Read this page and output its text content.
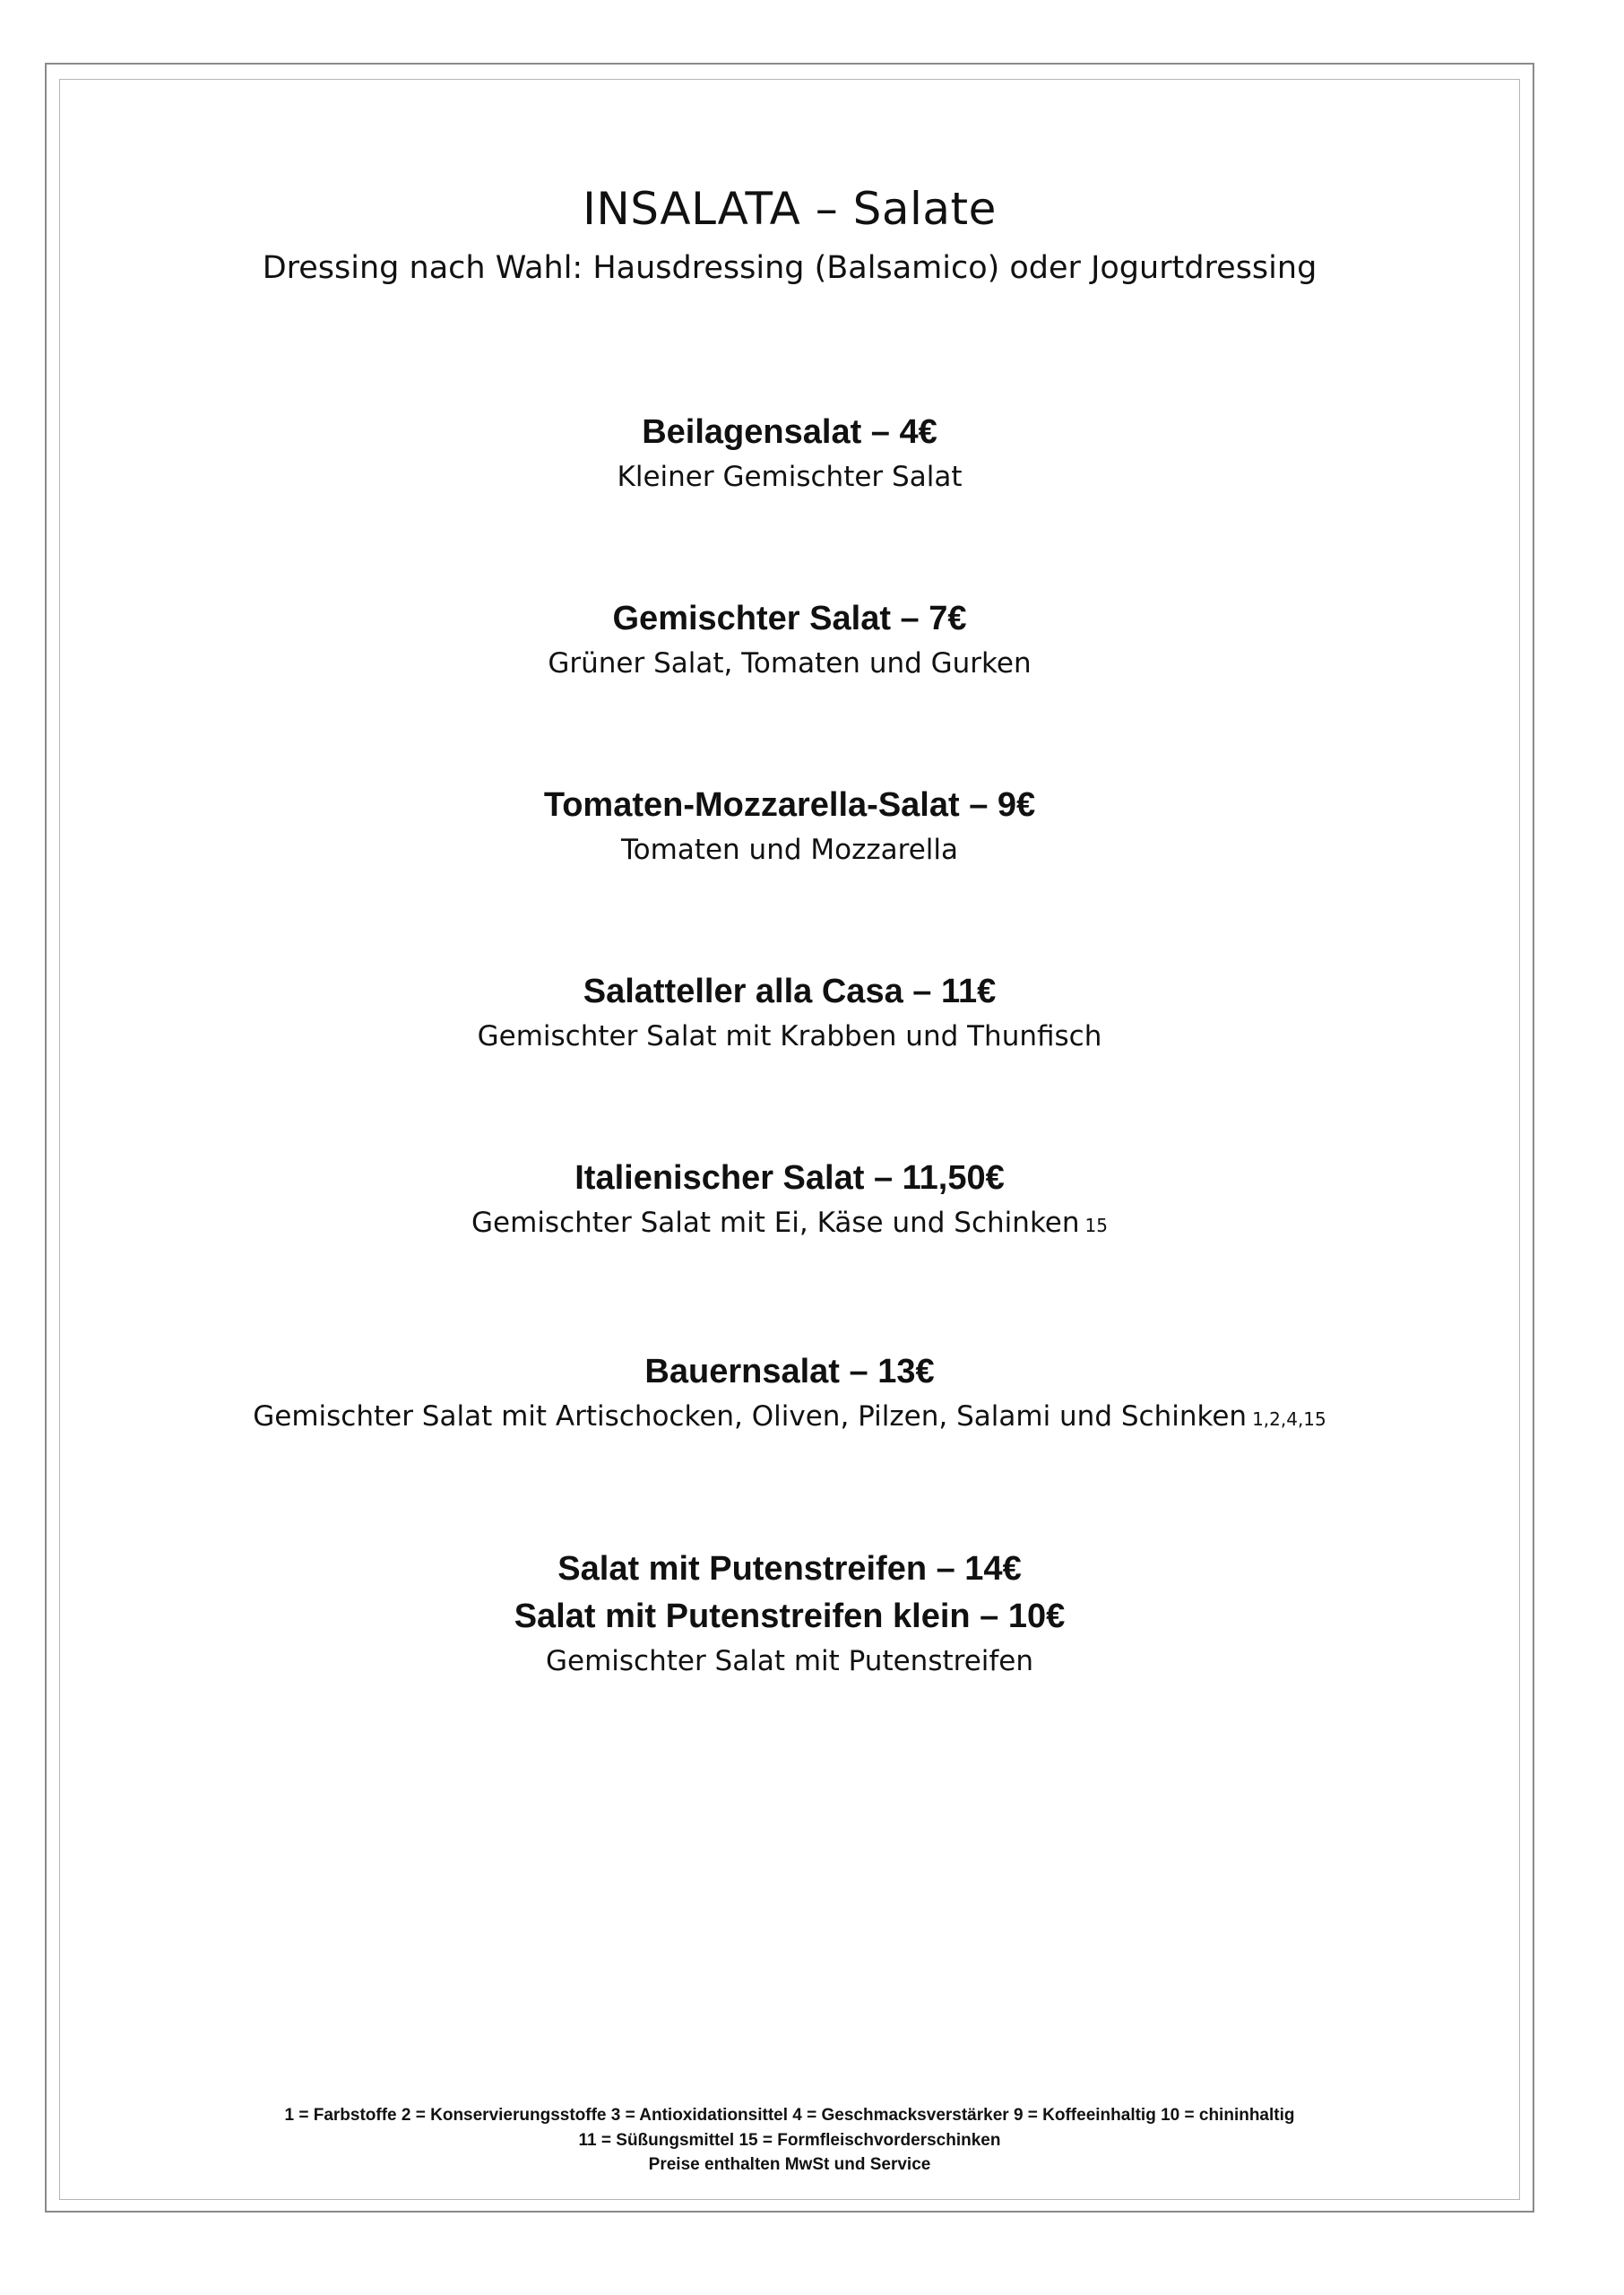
INSALATA – Salate
Dressing nach Wahl: Hausdressing (Balsamico) oder Jogurtdressing
Beilagensalat – 4€
Kleiner Gemischter Salat
Gemischter Salat – 7€
Grüner Salat, Tomaten und Gurken
Tomaten-Mozzarella-Salat – 9€
Tomaten und Mozzarella
Salatteller alla Casa – 11€
Gemischter Salat mit Krabben und Thunfisch
Italienischer Salat – 11,50€
Gemischter Salat mit Ei, Käse und Schinken 15
Bauernsalat – 13€
Gemischter Salat mit Artischocken, Oliven, Pilzen, Salami und Schinken 1,2,4,15
Salat mit Putenstreifen – 14€
Salat mit Putenstreifen klein – 10€
Gemischter Salat mit Putenstreifen
1 = Farbstoffe 2 = Konservierungsstoffe 3 = Antioxidationsittel 4 = Geschmacksverstärker 9 = Koffeeinhaltig 10 = chininhaltig
11 = Süßungsmittel 15 = Formfleischvorderschinken
Preise enthalten MwSt und Service
